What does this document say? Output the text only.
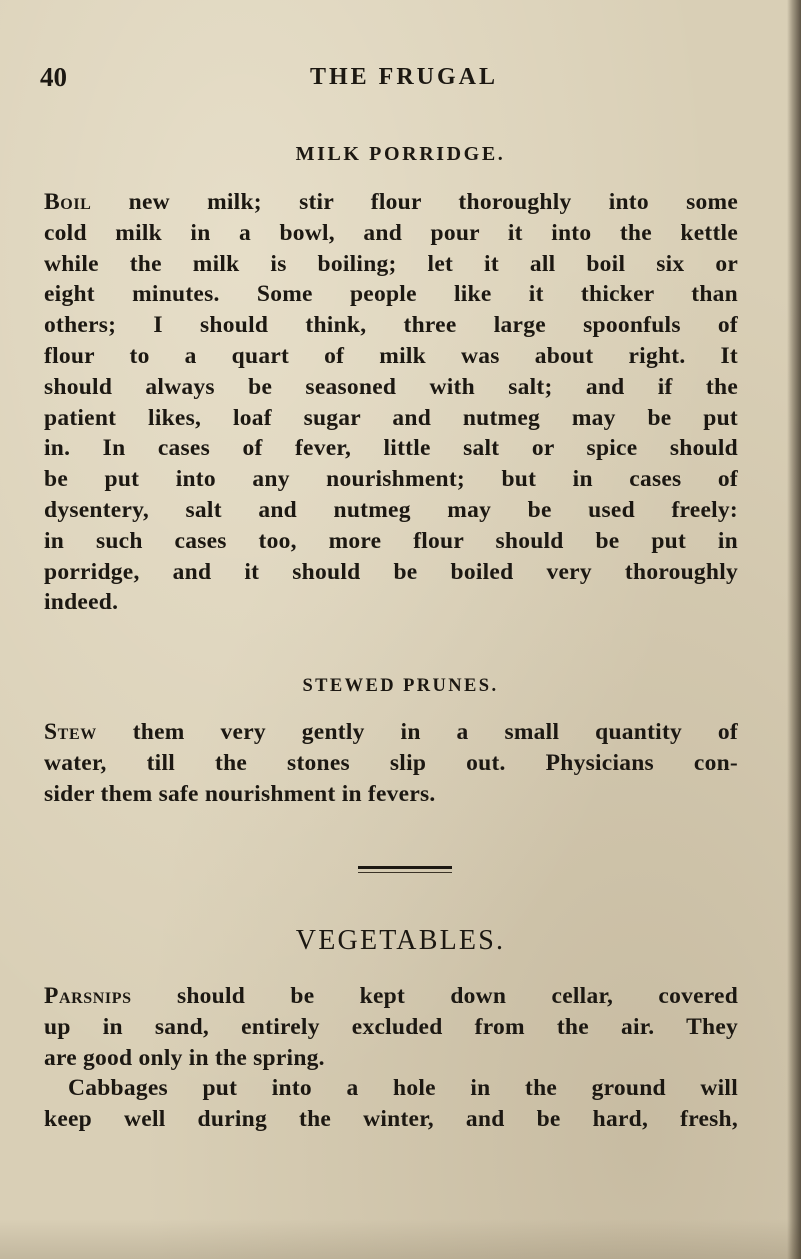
40	THE FRUGAL
MILK PORRIDGE.
Boil new milk; stir flour thoroughly into some
cold milk in a bowl, and pour it into the kettle
while the milk is boiling; let it all boil six or
eight minutes. Some people like it thicker than
others; I should think, three large spoonfuls of
flour to a quart of milk was about right. It
should always be seasoned with salt; and if the
patient likes, loaf sugar and nutmeg may be put
in. In cases of fever, little salt or spice should
be put into any nourishment; but in cases of
dysentery, salt and nutmeg may be used freely:
in such cases too, more flour should be put in
porridge, and it should be boiled very thoroughly
indeed.
STEWED PRUNES.
Stew them very gently in a small quantity of
water, till the stones slip out. Physicians con-
sider them safe nourishment in fevers.
VEGETABLES.
Parsnips should be kept down cellar, covered
up in sand, entirely excluded from the air. They
are good only in the spring.
Cabbages put into a hole in the ground will
keep well during the winter, and be hard, fresh,
